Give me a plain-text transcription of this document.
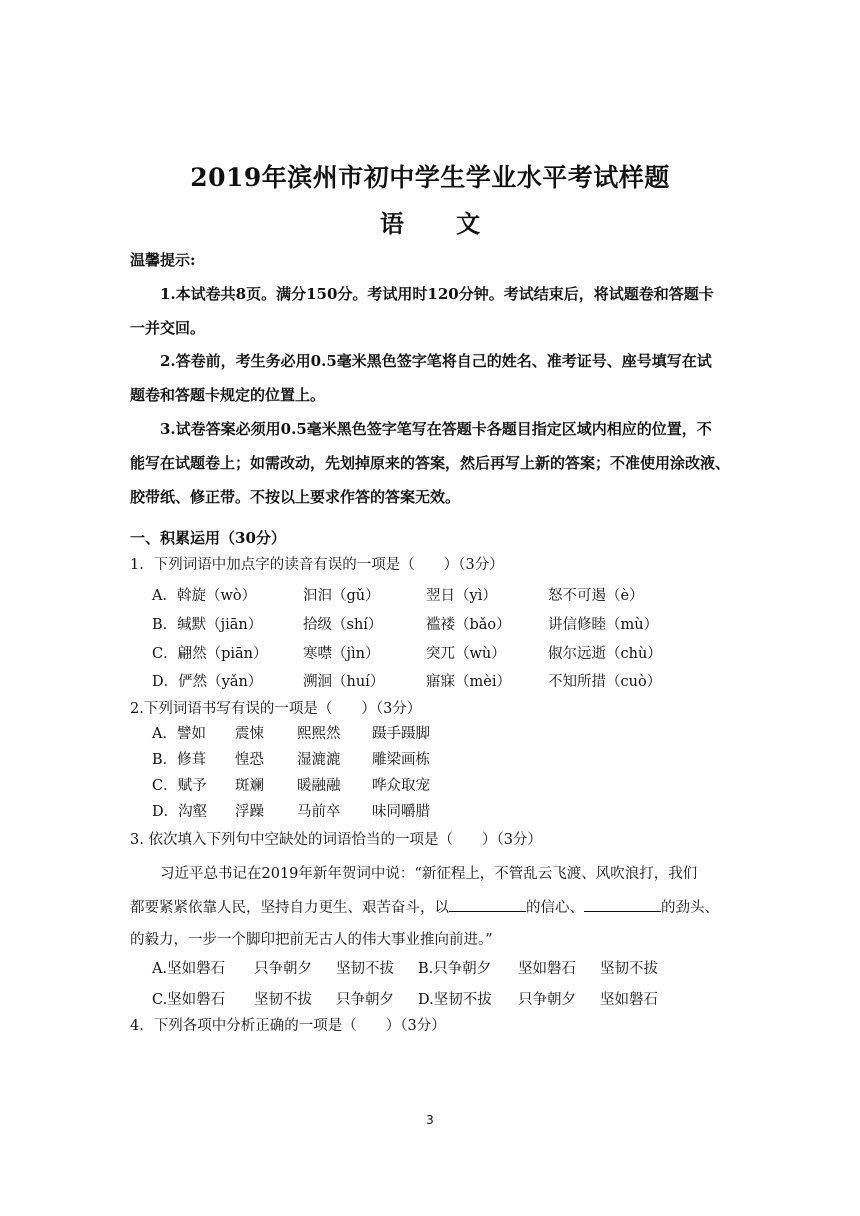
2019年滨州市初中学生学业水平考试样题
语 文
温馨提示:
1.本试卷共8页。满分150分。考试用时120分钟。考试结束后，将试题卷和答题卡
一并交回。
2.答卷前，考生务必用0.5毫米黑色签字笔将自己的姓名、准考证号、座号填写在试
题卷和答题卡规定的位置上。
3.试卷答案必须用0.5毫米黑色签字笔写在答题卡各题目指定区域内相应的位置，不
能写在试题卷上；如需改动，先划掉原来的答案，然后再写上新的答案；不准使用涂改液、
胶带纸、修正带。不按以上要求作答的答案无效。
一、积累运用（30分）
1．下列词语中加点字的读音有误的一项是（　　）（3分）
A．斡旋（wò）	汩汩（gǔ）	翌日（yì）	怒不可遏（è）
B．缄默（jiān）	拾级（shí）	褴褛（bǎo）	讲信修睦（mù）
C．翩然（piān） 寒噤（jìn）	突兀（wù）	俶尔远逝（chù）
D．俨然（yǎn）	溯洄（huí）	寤寐（mèi）	不知所措（cuò）
2.下列词语书写有误的一项是（　　）（3分）
A．譬如 震悚 熙熙然 蹑手蹑脚
B．修葺 惶恐 湿漉漉 雕梁画栋
C．赋予 斑斓 暖融融 哗众取宠
D．沟壑 浮躁 马前卒 味同嚼腊
3. 依次填入下列句中空缺处的词语恰当的一项是（　　）（3分）
习近平总书记在2019年新年贺词中说：“新征程上，不管乱云飞渡、风吹浪打，我们
都要紧紧依靠人民，坚持自力更生、艰苦奋斗，以	的信心、	的劲头、
的毅力，一步一个脚印把前无古人的伟大事业推向前进。”
A.坚如磐石 只争朝夕 坚韧不拔 B.只争朝夕 坚如磐石 坚韧不拔
C.坚如磐石 坚韧不拔 只争朝夕 D.坚韧不拔 只争朝夕 坚如磐石
4．下列各项中分析正确的一项是（　　）（3分）
3
